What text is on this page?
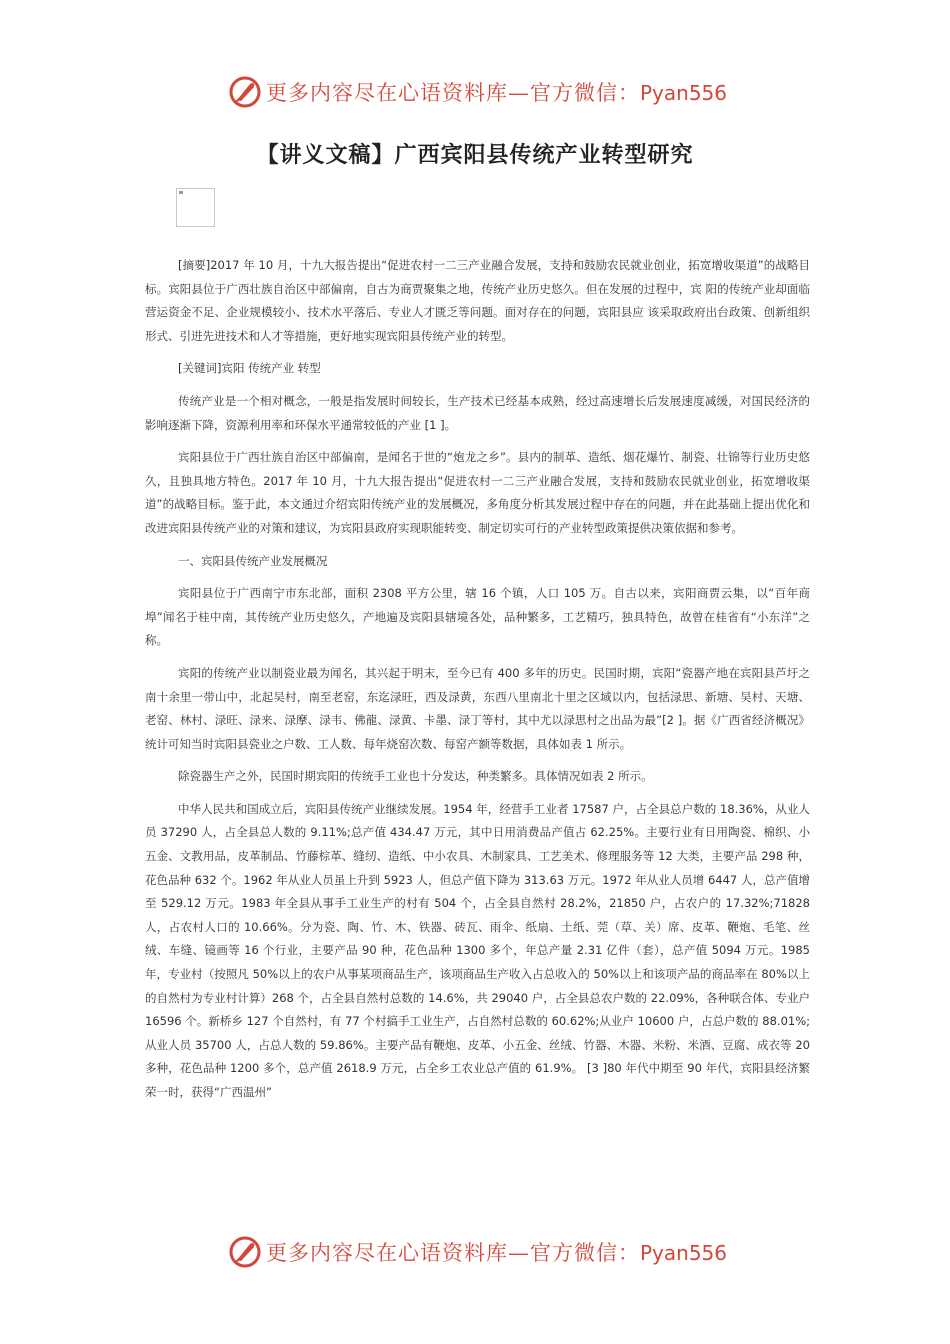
更多内容尽在心语资料库—官方微信：Pyan556
【讲义文稿】广西宾阳县传统产业转型研究

[摘要]2017 年 10 月，十九大报告提出“促进农村一二三产业融合发展，支持和鼓励农民就业创业，拓宽增收渠道”的战略目标。宾阳县位于广西壮族自治区中部偏南，自古为商贾聚集之地，传统产业历史悠久。但在发展的过程中，宾 阳的传统产业却面临营运资金不足、企业规模较小、技术水平落后、专业人才匮乏等问题。面对存在的问题，宾阳县应 该采取政府出台政策、创新组织形式、引进先进技术和人才等措施，更好地实现宾阳县传统产业的转型。

[关键词]宾阳 传统产业 转型

传统产业是一个相对概念，一般是指发展时间较长，生产技术已经基本成熟，经过高速增长后发展速度减缓，对国民经济的影响逐渐下降，资源利用率和环保水平通常较低的产业 [1 ]。

宾阳县位于广西壮族自治区中部偏南，是闻名于世的“炮龙之乡”。县内的制革、造纸、烟花爆竹、制瓷、壮锦等行业历史悠久，且独具地方特色。2017 年 10 月，十九大报告提出“促进农村一二三产业融合发展，支持和鼓励农民就业创业，拓宽增收渠道”的战略目标。鉴于此，本文通过介绍宾阳传统产业的发展概况，多角度分析其发展过程中存在的问题，并在此基础上提出优化和改进宾阳县传统产业的对策和建议，为宾阳县政府实现职能转变、制定切实可行的产业转型政策提供决策依据和参考。

一、宾阳县传统产业发展概况

宾阳县位于广西南宁市东北部，面积 2308 平方公里，辖 16 个镇，人口 105 万。自古以来，宾阳商贾云集，以“百年商埠”闻名于桂中南，其传统产业历史悠久，产地遍及宾阳县辖境各处，品种繁多，工艺精巧，独具特色，故曾在桂省有“小东洋”之称。

宾阳的传统产业以制瓷业最为闻名，其兴起于明末，至今已有 400 多年的历史。民国时期，宾阳“瓷器产地在宾阳县芦圩之南十余里一带山中，北起吴村，南至老窑，东迄渌旺，西及渌黄，东西八里南北十里之区域以内，包括渌思、新塘、吴村、天塘、老窑、林村、渌旺、渌来、渌摩、渌韦、佛龍、渌黄、卡墨、渌丁等村，其中尤以渌思村之出品为最”[2 ]。据《广西省经济概况》统计可知当时宾阳县瓷业之户数、工人数、每年烧窑次数、每窑产额等数据，具体如表 1 所示。

除瓷器生产之外，民国时期宾阳的传统手工业也十分发达，种类繁多。具体情况如表 2 所示。

中华人民共和国成立后，宾阳县传统产业继续发展。1954 年，经营手工业者 17587 户，占全县总户数的 18.36%，从业人员 37290 人，占全县总人数的 9.11%;总产值 434.47 万元，其中日用消费品产值占 62.25%。主要行业有日用陶瓷、棉织、小五金、文教用品，皮革制品、竹藤棕革、缝纫、造纸、中小农具、木制家具、工艺美术、修理服务等 12 大类，主要产品 298 种，花色品种 632 个。1962 年从业人员虽上升到 5923 人，但总产值下降为 313.63 万元。1972 年从业人员增 6447 人，总产值增至 529.12 万元。1983 年全县从事手工业生产的村有 504 个，占全县自然村 28.2%，21850 户，占农户的 17.32%;71828 人，占农村人口的 10.66%。分为瓷、陶、竹、木、铁器、砖瓦、雨伞、纸扇、土纸、莞（草、关）席、皮革、鞭炮、毛笔、丝绒、车缝、镜画等 16 个行业，主要产品 90 种，花色品种 1300 多个，年总产量 2.31 亿件（套），总产值 5094 万元。1985 年，专业村（按照凡 50%以上的农户从事某项商品生产，该项商品生产收入占总收入的 50%以上和该项产品的商品率在 80%以上的自然村为专业村计算）268 个，占全县自然村总数的 14.6%，共 29040 户，占全县总农户数的 22.09%，各种联合体、专业户 16596 个。新桥乡 127 个自然村，有 77 个村搞手工业生产，占自然村总数的 60.62%;从业户 10600 户，占总户数的 88.01%;从业人员 35700 人，占总人数的 59.86%。主要产品有鞭炮、皮革、小五金、丝绒、竹器、木器、米粉、米酒、豆腐、成衣等 20 多种，花色品种 1200 多个，总产值 2618.9 万元，占全乡工农业总产值的 61.9%。 [3 ]80 年代中期至 90 年代，宾阳县经济繁荣一时，获得“广西温州”

更多内容尽在心语资料库—官方微信：Pyan556
